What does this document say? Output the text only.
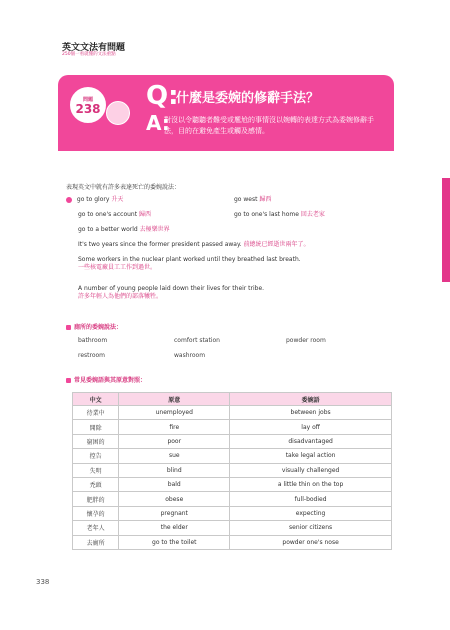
英文文法有問題
250個一看就懂的文法重點
問題
238 Q:
什麼是委婉的修辭手法？
A:
對沒以令聽聽者難受或尷尬的事情沒以婉轉的表達方式為委婉修辭手法，目的在避免產生或觸及感情。
表現英文中就有許多表達死亡的委婉說法：
go to glory 升天	go west 歸西
go to one's account 歸西	go to one's last home 回去老家
go to a better world 去極樂世界
It's two years since the former president passed away. 前總統已經逝世兩年了。
Some workers in the nuclear plant worked until they breathed last breath.
一些核電廠員工工作到過世。
A number of young people laid down their lives for their tribe.
許多年輕人為他們的部落犧牲。
廁所的委婉說法：
bathroom	comfort station	powder room
restroom	washroom
常見委婉語與其原意對照：
中文	原意	委婉語
待業中	unemployed	between jobs
開除	fire	lay off
窮困的	poor	disadvantaged
控告	sue	take legal action
失明	blind	visually challenged
禿頭	bald	a little thin on the top
肥胖的	obese	full-bodied
懷孕的	pregnant	expecting
老年人	the elder	senior citizens
去廁所	go to the toilet	powder one's nose
338
